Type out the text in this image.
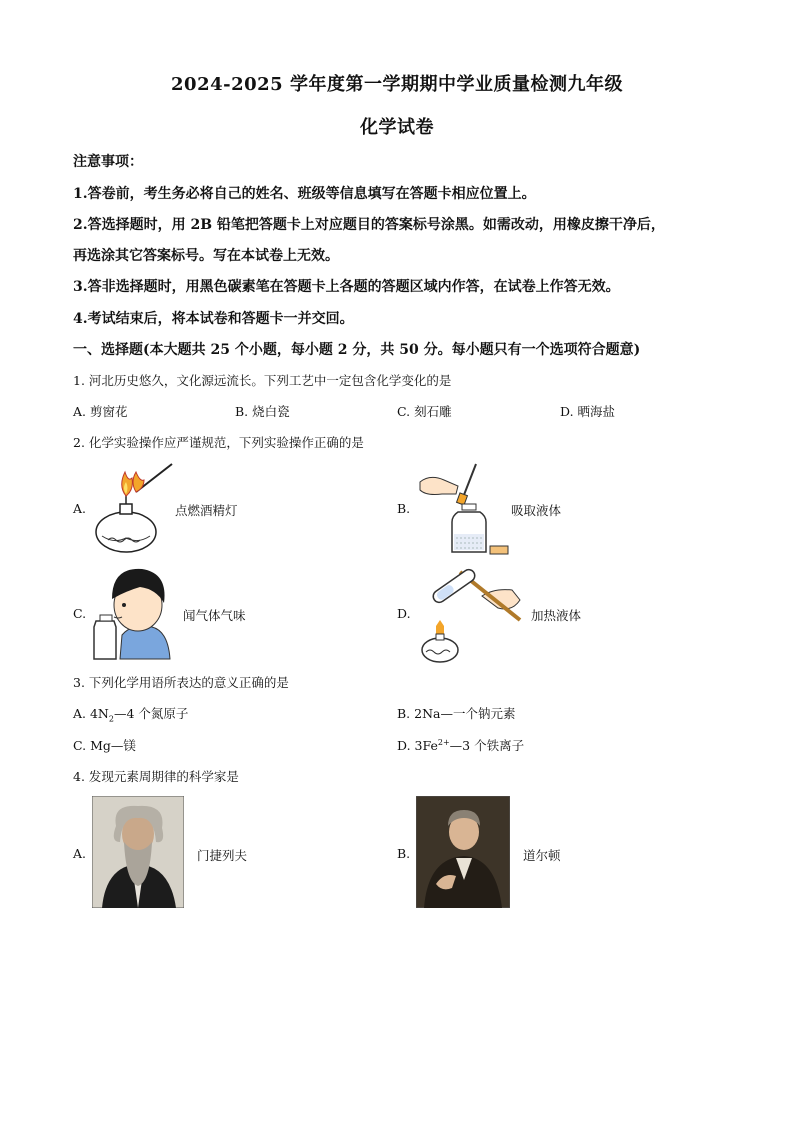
2024-2025 学年度第一学期期中学业质量检测九年级
化学试卷
注意事项：
1.答卷前，考生务必将自己的姓名、班级等信息填写在答题卡相应位置上。
2.答选择题时，用 2B 铅笔把答题卡上对应题目的答案标号涂黑。如需改动，用橡皮擦干净后，
再选涂其它答案标号。写在本试卷上无效。
3.答非选择题时，用黑色碳素笔在答题卡上各题的答题区域内作答，在试卷上作答无效。
4.考试结束后，将本试卷和答题卡一并交回。
一、选择题(本大题共 25 个小题，每小题 2 分，共 50 分。每小题只有一个选项符合题意)
1. 河北历史悠久，文化源远流长。下列工艺中一定包含化学变化的是
A. 剪窗花	B. 烧白瓷	C. 刻石雕	D. 晒海盐
2. 化学实验操作应严谨规范，下列实验操作正确的是
A.	点燃酒精灯	B.	吸取液体
C.	闻气体气味	D.	加热液体
3. 下列化学用语所表达的意义正确的是
A. $4N_2—4$ 个氮原子	B. 2Na—一个钠元素
C. Mg—镁	D. $3Fe^{2+}—3$ 个铁离子
4. 发现元素周期律的科学家是
A.	门捷列夫	B.	道尔顿
